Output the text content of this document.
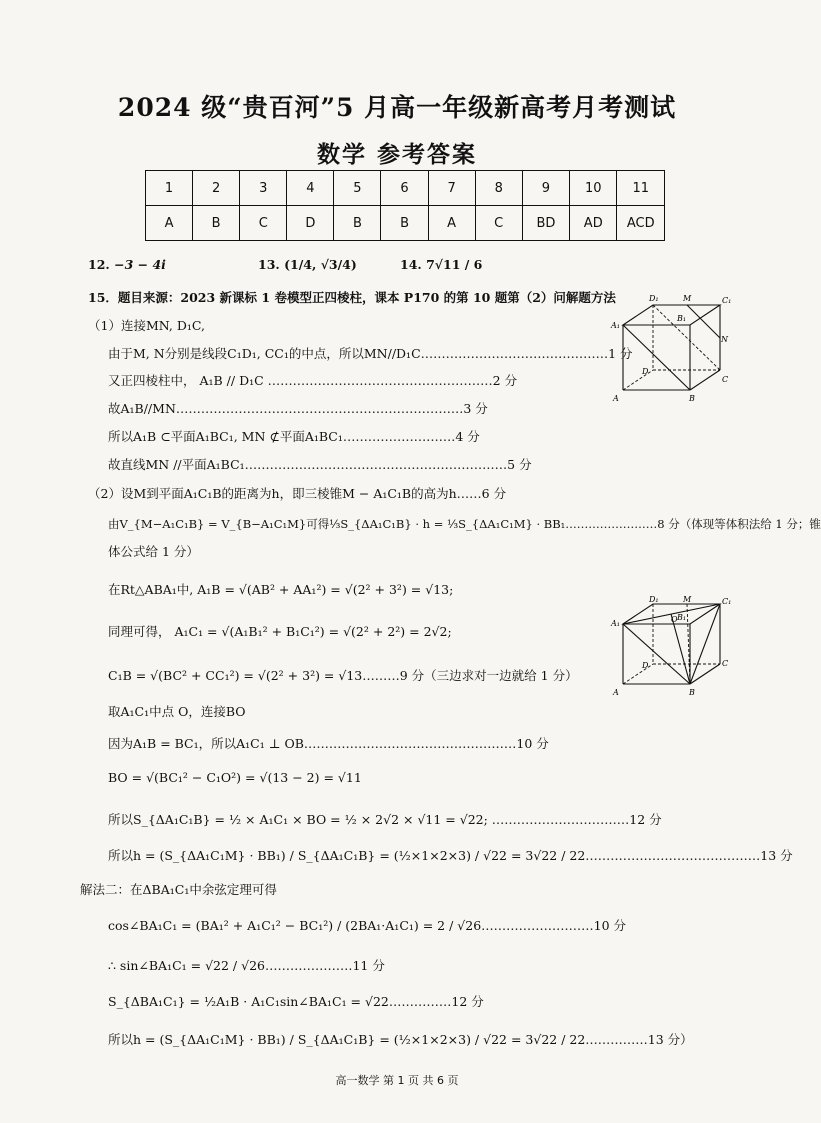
2024 级“贵百河”5 月高一年级新高考月考测试
数学 参考答案
1	2	3	4	5	6	7	8	9	10	11
A	B	C	D	B	B	A	C	BD	AD	ACD
12. −3 − 4i	13. (1/4, √3/4)	14. 7√11 / 6
15．题目来源：2023 新课标 1 卷模型正四棱柱，课本 P170 的第 10 题第（2）问解题方法
（1）连接MN, D₁C,
由于M, N分别是线段C₁D₁, CC₁的中点，所以MN//D₁C………………………………………1 分
又正四棱柱中， A₁B // D₁C ………………………………………………2 分
故A₁B//MN……………………………………………………………3 分
所以A₁B ⊂平面A₁BC₁, MN ⊄平面A₁BC₁………………………4 分
故直线MN //平面A₁BC₁………………………………………………………5 分
（2）设M到平面A₁C₁B的距离为h，即三棱锥M − A₁C₁B的高为h……6 分
由V_{M−A₁C₁B} = V_{B−A₁C₁M}可得⅓S_{ΔA₁C₁B} · h = ⅓S_{ΔA₁C₁M} · BB₁……………………8 分（体现等体积法给 1 分；锥
体公式给 1 分）
在Rt△ABA₁中, A₁B = √(AB² + AA₁²) = √(2² + 3²) = √13;
同理可得， A₁C₁ = √(A₁B₁² + B₁C₁²) = √(2² + 2²) = 2√2;
C₁B = √(BC² + CC₁²) = √(2² + 3²) = √13………9 分（三边求对一边就给 1 分）
取A₁C₁中点 O，连接BO
因为A₁B = BC₁，所以A₁C₁ ⊥ OB……………………………………………10 分
BO = √(BC₁² − C₁O²) = √(13 − 2) = √11
所以S_{ΔA₁C₁B} = ½ × A₁C₁ × BO = ½ × 2√2 × √11 = √22; ……………………………12 分
所以h = (S_{ΔA₁C₁M} · BB₁) / S_{ΔA₁C₁B} = (½×1×2×3) / √22 = 3√22 / 22……………………………………13 分
解法二：在ΔBA₁C₁中余弦定理可得
cos∠BA₁C₁ = (BA₁² + A₁C₁² − BC₁²) / (2BA₁·A₁C₁) = 2 / √26………………………10 分
∴ sin∠BA₁C₁ = √22 / √26…………………11 分
S_{ΔBA₁C₁} = ½A₁B · A₁C₁sin∠BA₁C₁ = √22……………12 分
所以h = (S_{ΔA₁C₁M} · BB₁) / S_{ΔA₁C₁B} = (½×1×2×3) / √22 = 3√22 / 22……………13 分）
D₁	M	C₁
A₁
B₁
N
D
C
A	B
D₁	M	C₁
A₁	O B₁
D	C
A	B
高一数学 第 1 页 共 6 页
